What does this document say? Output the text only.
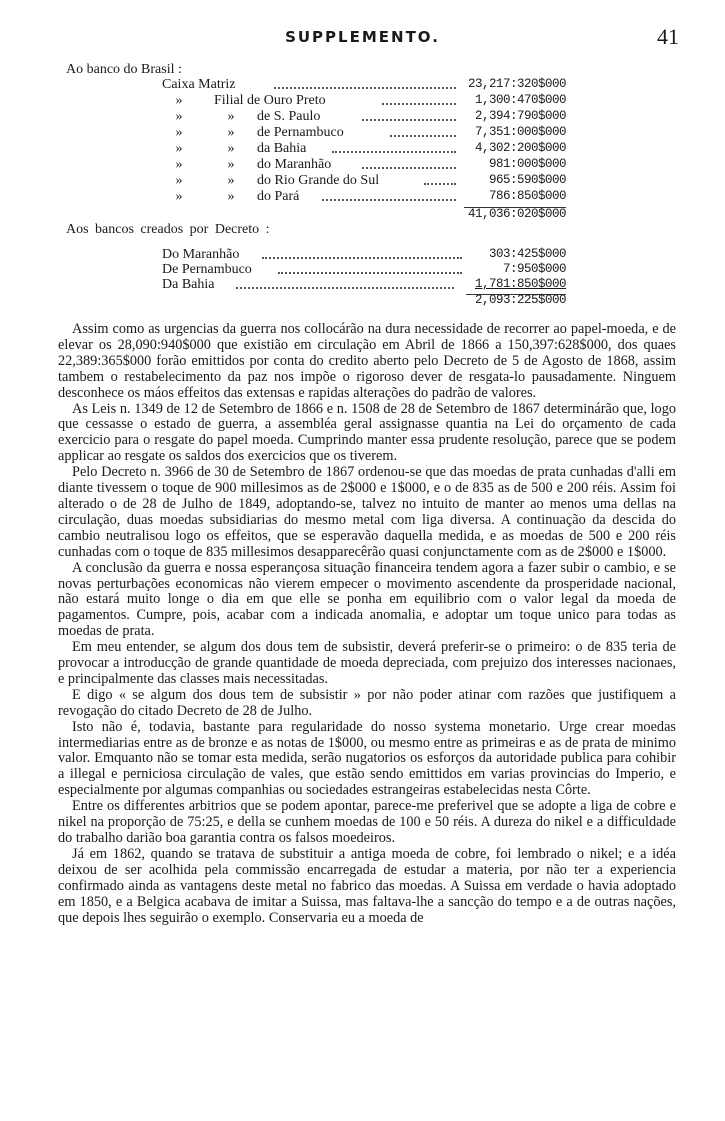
SUPPLEMENTO.	41
Ao banco do Brasil :
Caixa Matriz	23,217:320$000
»	Filial de Ouro Preto	1,300:470$000
»	»	de S. Paulo	2,394:790$000
»	»	de Pernambuco	7,351:000$000
»	»	da Bahia	4,302:200$000
»	»	do Maranhão	981:000$000
»	»	do Rio Grande do Sul	965:590$000
»	»	do Pará	786:850$000
41,036:020$000
Aos bancos creados por Decreto :
Do Maranhão	303:425$000
De Pernambuco	7:950$000
Da Bahia	1,781:850$000
2,093:225$000

Assim como as urgencias da guerra nos collocárão na dura necessidade de recorrer ao papel-moeda, e de elevar os 28,090:940$000 que existião em circulação em Abril de 1866 a 150,397:628$000, dos quaes 22,389:365$000 forão emittidos por conta do credito aberto pelo Decreto de 5 de Agosto de 1868, assim tambem o restabelecimento da paz nos impõe o rigoroso dever de resgata-lo pausadamente. Ninguem desconhece os máos effeitos das extensas e rapidas alterações do padrão de valores.

As Leis n. 1349 de 12 de Setembro de 1866 e n. 1508 de 28 de Setembro de 1867 determinárão que, logo que cessasse o estado de guerra, a assembléa geral assignasse quantia na Lei do orçamento de cada exercicio para o resgate do papel moeda. Cumprindo manter essa prudente resolução, parece que se podem applicar ao resgate os saldos dos exercicios que os tiverem.

Pelo Decreto n. 3966 de 30 de Setembro de 1867 ordenou-se que das moedas de prata cunhadas d'alli em diante tivessem o toque de 900 millesimos as de 2$000 e 1$000, e o de 835 as de 500 e 200 réis. Assim foi alterado o de 28 de Julho de 1849, adoptando-se, talvez no intuito de manter ao menos uma dellas na circulação, duas moedas subsidiarias do mesmo metal com liga diversa. A continuação da descida do cambio neutralisou logo os effeitos, que se esperavão daquella medida, e as moedas de 500 e 200 réis cunhadas com o toque de 835 millesimos desapparecêrão quasi conjunctamente com as de 2$000 e 1$000.

A conclusão da guerra e nossa esperançosa situação financeira tendem agora a fazer subir o cambio, e se novas perturbações economicas não vierem empecer o movimento ascendente da prosperidade nacional, não estará muito longe o dia em que elle se ponha em equilibrio com o valor legal da moeda de pagamentos. Cumpre, pois, acabar com a indicada anomalia, e adoptar um toque unico para todas as moedas de prata.

Em meu entender, se algum dos dous tem de subsistir, deverá preferir-se o primeiro: o de 835 teria de provocar a introducção de grande quantidade de moeda depreciada, com prejuizo dos interesses nacionaes, e principalmente das classes mais necessitadas.

E digo « se algum dos dous tem de subsistir » por não poder atinar com razões que justifiquem a revogação do citado Decreto de 28 de Julho.

Isto não é, todavia, bastante para regularidade do nosso systema monetario. Urge crear moedas intermediarias entre as de bronze e as notas de 1$000, ou mesmo entre as primeiras e as de prata de minimo valor. Emquanto não se tomar esta medida, serão nugatorios os esforços da autoridade publica para cohibir a illegal e perniciosa circulação de vales, que estão sendo emittidos em varias provincias do Imperio, e especialmente por algumas companhias ou sociedades estrangeiras estabelecidas nesta Côrte.

Entre os differentes arbitrios que se podem apontar, parece-me preferivel que se adopte a liga de cobre e nikel na proporção de 75:25, e della se cunhem moedas de 100 e 50 réis. A dureza do nikel e a difficuldade do trabalho darião boa garantia contra os falsos moedeiros.

Já em 1862, quando se tratava de substituir a antiga moeda de cobre, foi lembrado o nikel; e a idéa deixou de ser acolhida pela commissão encarregada de estudar a materia, por não ter a experiencia confirmado ainda as vantagens deste metal no fabrico das moedas. A Suissa em verdade o havia adoptado em 1850, e a Belgica acabava de imitar a Suissa, mas faltava-lhe a sancção do tempo e a de outras nações, que depois lhes seguirão o exemplo. Conservaria eu a moeda de
